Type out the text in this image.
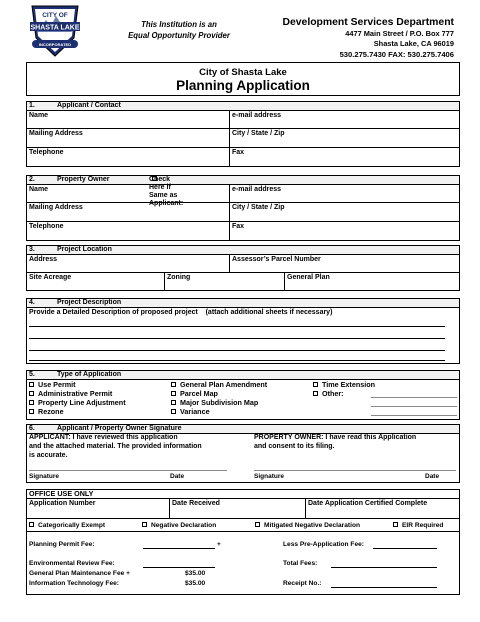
CITY OF
SHASTA LAKE
INCORPORATED
This Institution is an
Equal Opportunity Provider
Development Services Department
4477 Main Street / P.O. Box 777
Shasta Lake, CA 96019
530.275.7430 FAX: 530.275.7406
City of Shasta Lake
Planning Application
1.	Applicant / Contact
Name	e-mail address
Mailing Address	City / State / Zip
Telephone	Fax
2.	Property Owner	Check Here if Same as Applicant:
Name	e-mail address
Mailing Address	City / State / Zip
Telephone	Fax
3.	Project Location
Address	Assessor’s Parcel Number
Site Acreage	Zoning	General Plan
4.	Project Description
Provide a Detailed Description of proposed project    (attach additional sheets if necessary)
5.	Type of Application
Use Permit
Administrative Permit
Property Line Adjustment
Rezone
General Plan Amendment
Parcel Map
Major Subdivision Map
Variance
Time Extension
Other:
6.	Applicant / Property Owner Signature
APPLICANT: I have reviewed this application
and the attached material. The provided information
is accurate.
PROPERTY OWNER: I have read this Application
and consent to its filing.
Signature	Date	Signature	Date
OFFICE USE ONLY
Application Number	Date Received	Date Application Certified Complete
Categorically Exempt	Negative Declaration	Mitigated Negative Declaration	EIR Required
Planning Permit Fee:	+	Less Pre-Application Fee:
Environmental Review Fee:	Total Fees:
General Plan Maintenance Fee +	$35.00
Information Technology Fee:	$35.00	Receipt No.:
